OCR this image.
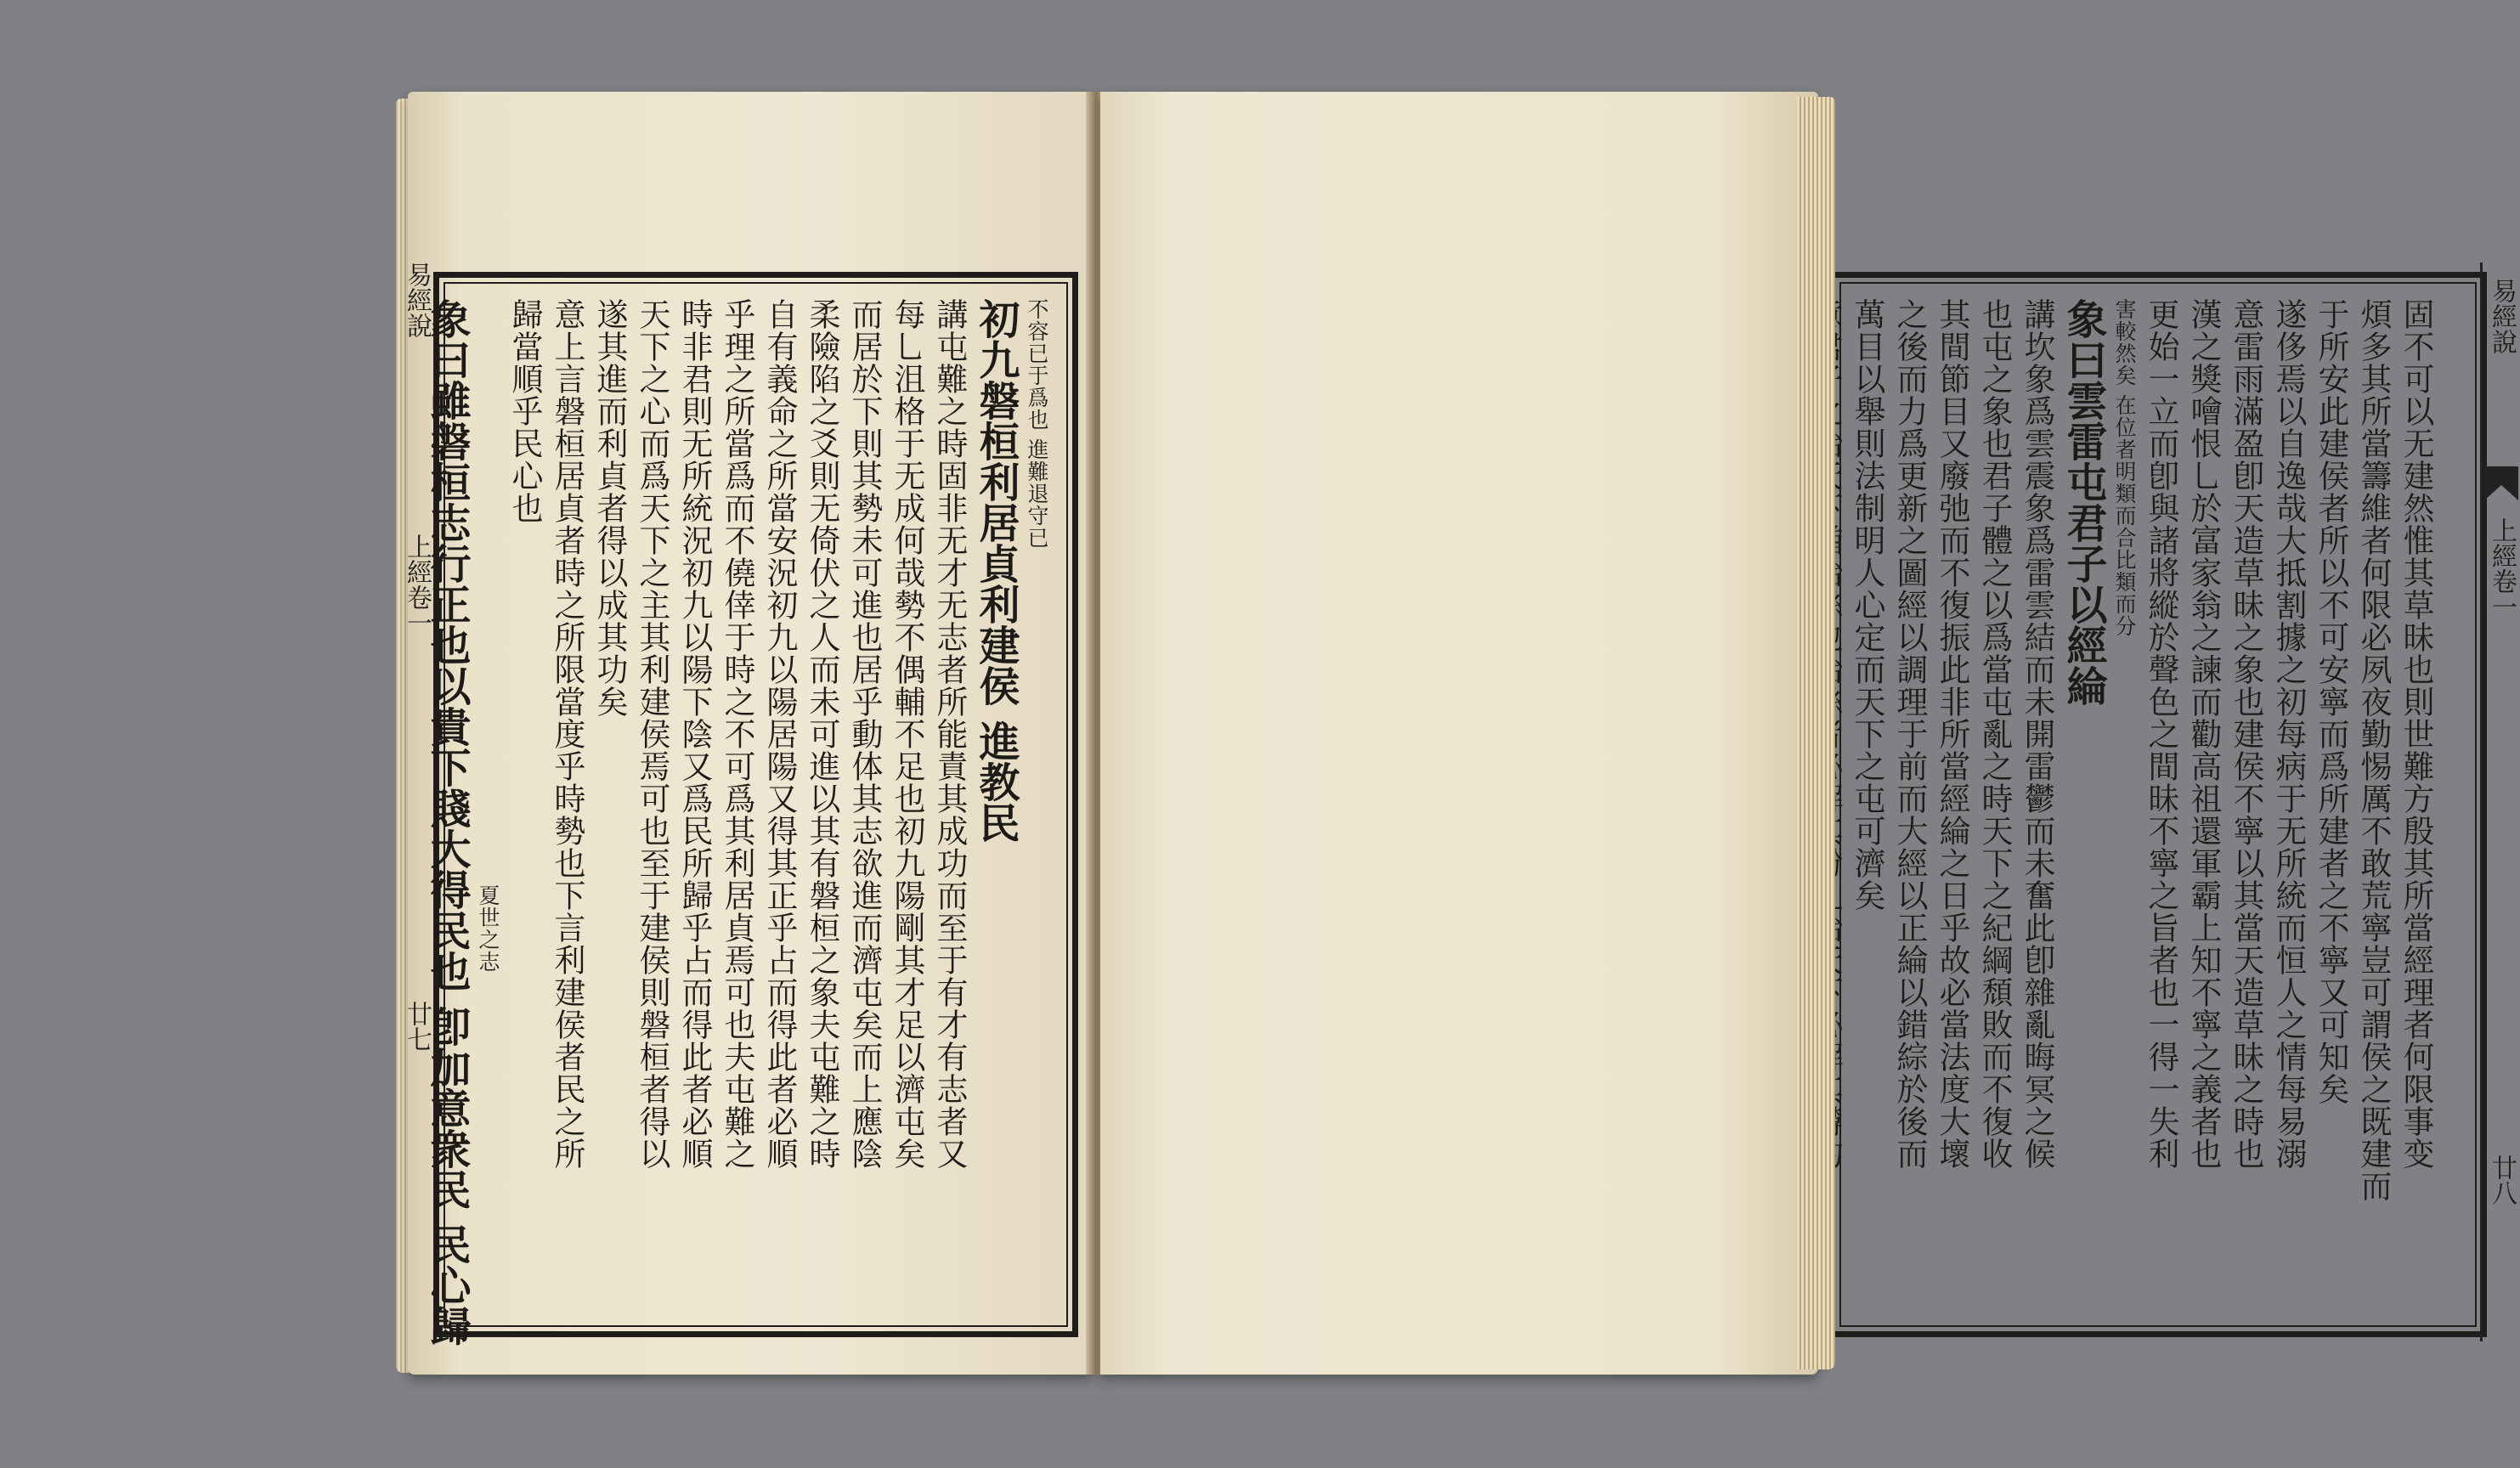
不容已于爲也 進難退守已
初九磐桓利居貞利建侯 進教民
講屯難之時固非无才无志者所能責其成功而至于有才有志者又
每乚沮格于无成何哉勢不偶輔不足也初九陽剛其才足以濟屯矣
而居於下則其勢未可進也居乎動体其志欲進而濟屯矣而上應陰
柔險陷之爻則无倚伏之人而未可進以其有磐桓之象夫屯難之時
自有義命之所當安況初九以陽居陽又得其正乎占而得此者必順
乎理之所當爲而不僥倖于時之不可爲其利居貞焉可也夫屯難之
時非君則无所統況初九以陽下陰又爲民所歸乎占而得此者必順
天下之心而爲天下之主其利建侯焉可也至于建侯則磐桓者得以
遂其進而利貞者得以成其功矣
意上言磐桓居貞者時之所限當度乎時勢也下言利建侯者民之所
歸當順乎民心也
夏世之志
象曰雖磐桓志行正也以貴下賤大得民也 卽加意衆民 民心歸	固不可以无建然惟其草昧也則世難方殷其所當經理者何限事变
煩多其所當籌維者何限必夙夜勤惕厲不敢荒寧豈可謂侯之既建而
于所安此建侯者所以不可安寧而爲所建者之不寧又可知矣
遂侈焉以自逸哉大抵割據之初每病于无所統而恒人之情每易溺
意雷雨滿盈卽天造草昧之象也建侯不寧以其當天造草昧之時也
漢之獎噲恨乚於富家翁之諫而勸高祖還軍霸上知不寧之義者也
更始一立而卽與諸將縱於聲色之間昧不寧之旨者也一得一失利
害較然矣 在位者明類而合比類而分
象曰雲雷屯君子以經綸
講坎象爲雲震象爲雷雲結而未開雷鬱而未奮此卽雜亂晦冥之候
也屯之象也君子體之以爲當屯亂之時天下之紀綱頹敗而不復收
其間節目又廢弛而不復振此非所當經綸之日乎故必當法度大壞
之後而力爲更新之圖經以調理于前而大經以正綸以錯綜於後而
萬目以舉則法制明人心定而天下之屯可濟矣	易經說
上經卷一
廿八
易經說
上經卷一
廿七
